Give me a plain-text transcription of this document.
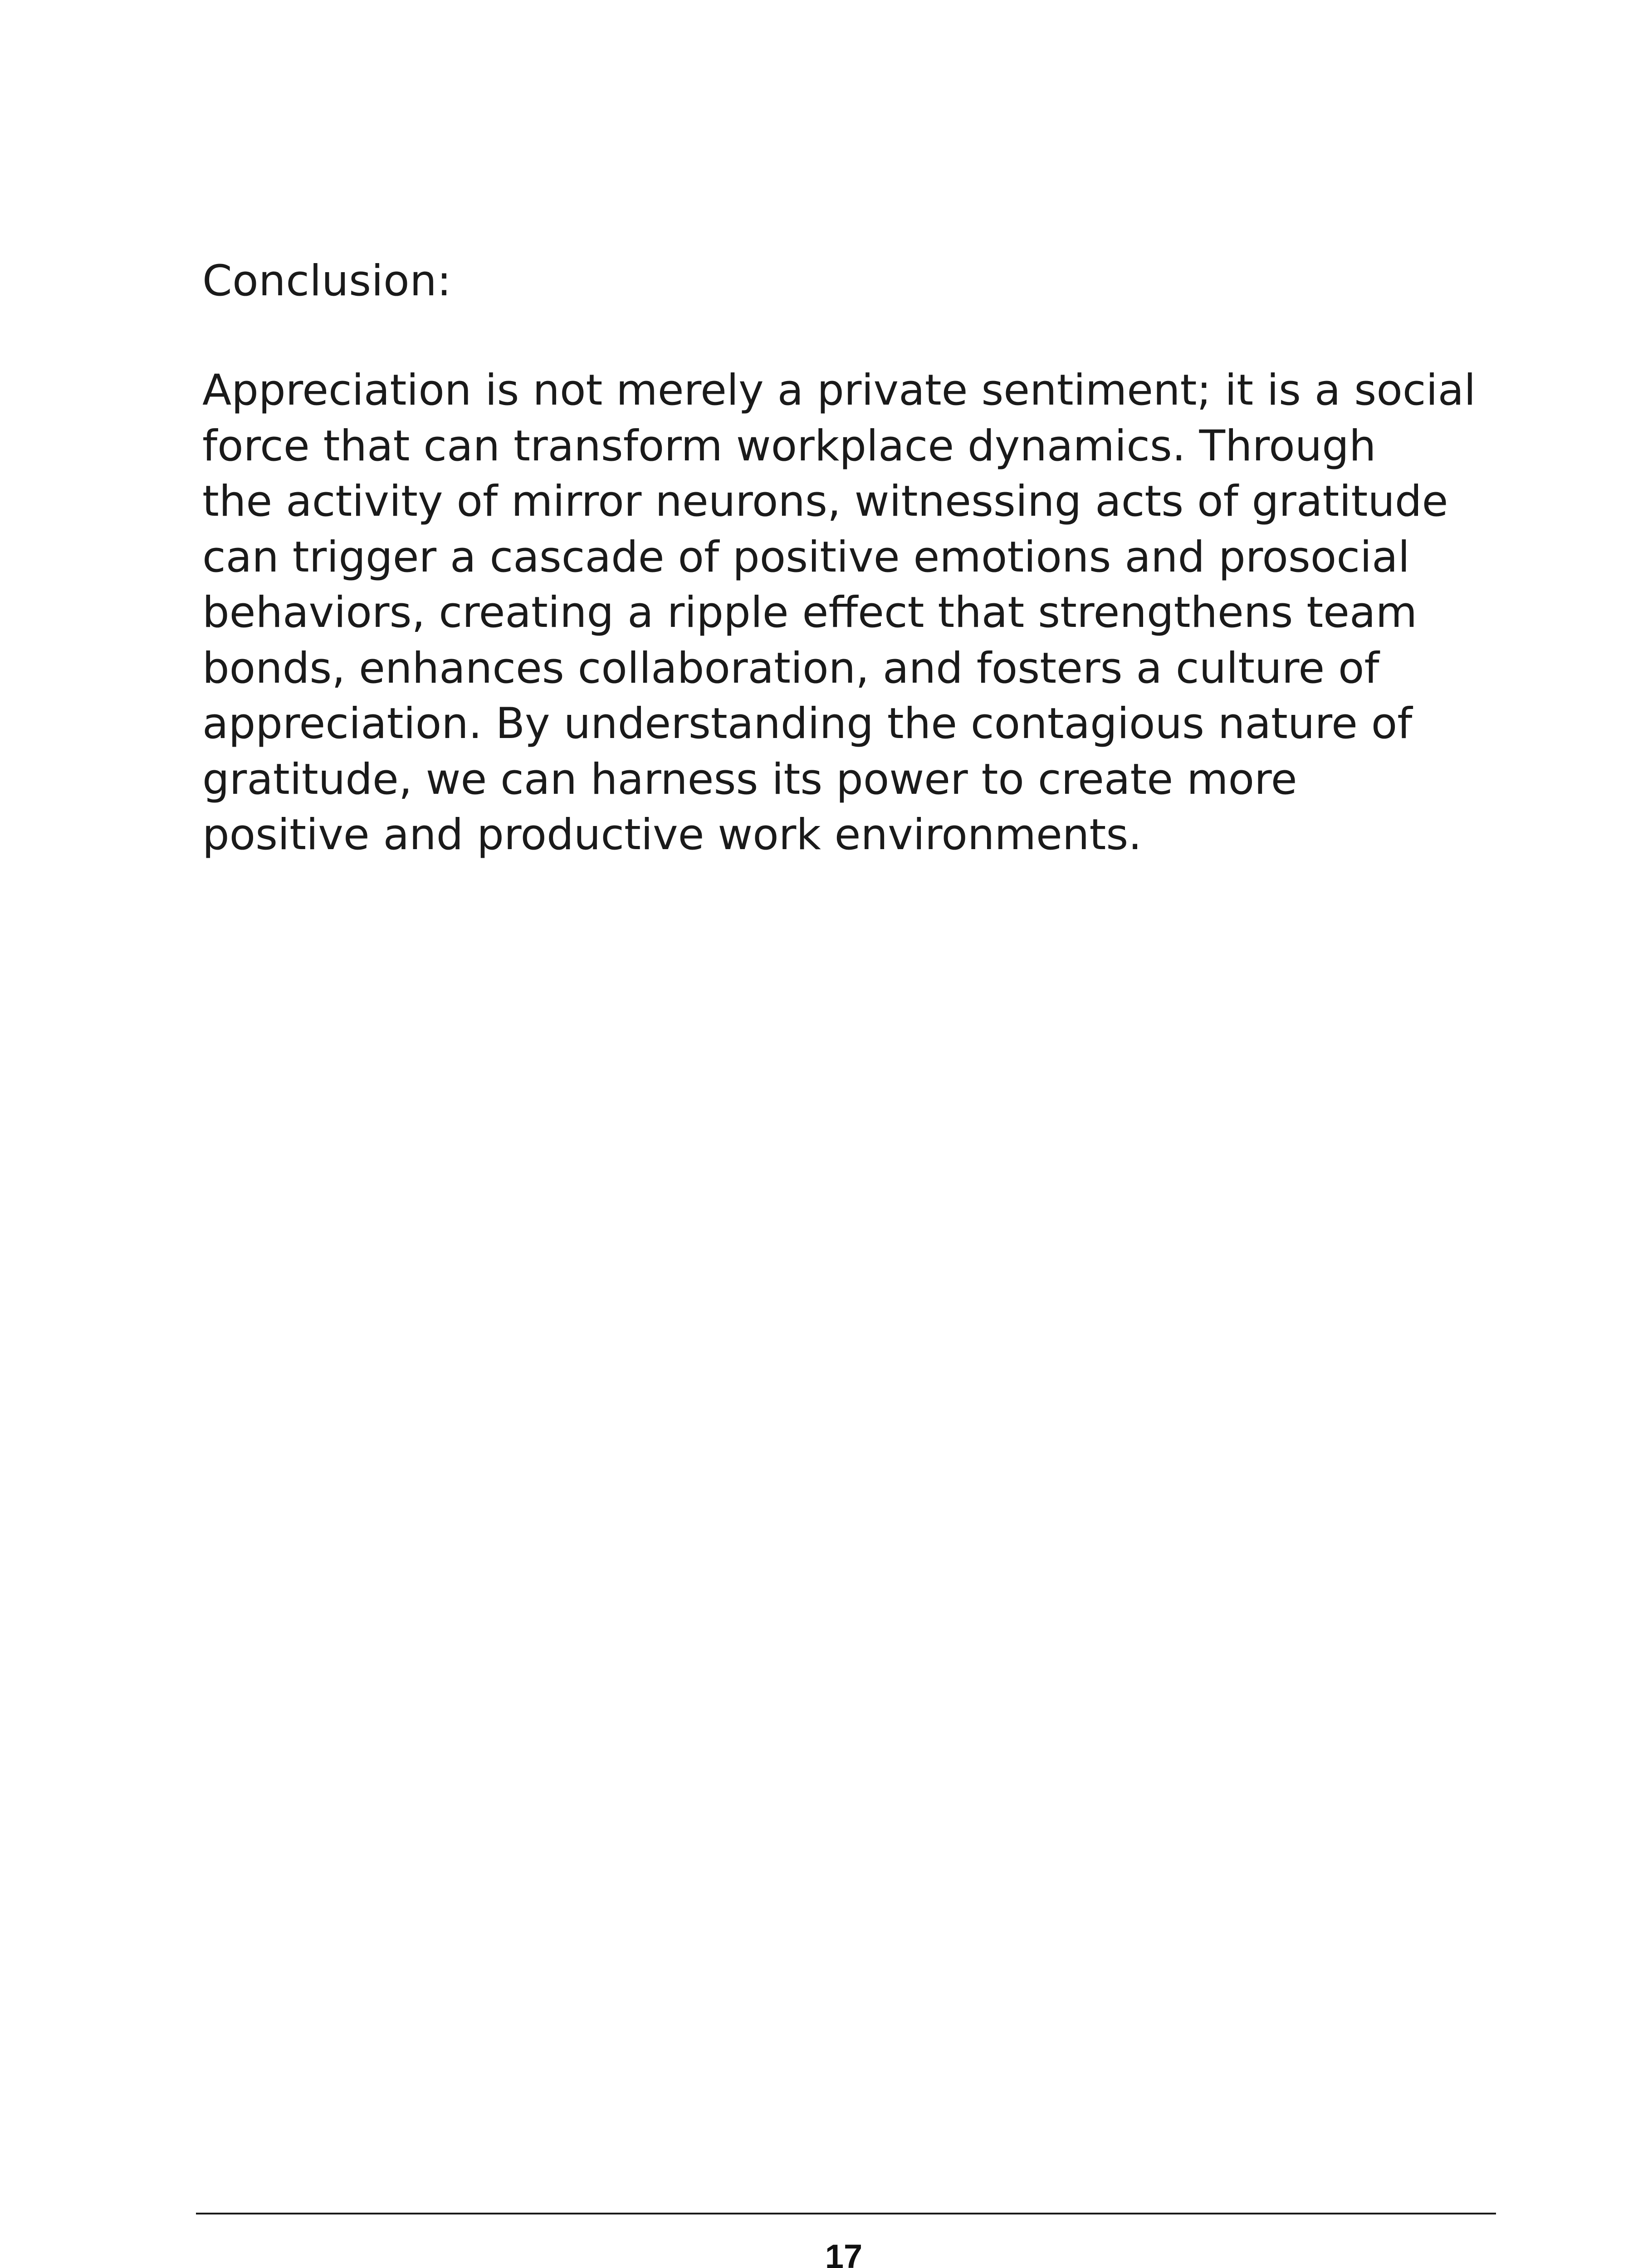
Conclusion:

Appreciation is not merely a private sentiment; it is a social
force that can transform workplace dynamics. Through
the activity of mirror neurons, witnessing acts of gratitude
can trigger a cascade of positive emotions and prosocial
behaviors, creating a ripple effect that strengthens team
bonds, enhances collaboration, and fosters a culture of
appreciation. By understanding the contagious nature of
gratitude, we can harness its power to create more
positive and productive work environments.

17
